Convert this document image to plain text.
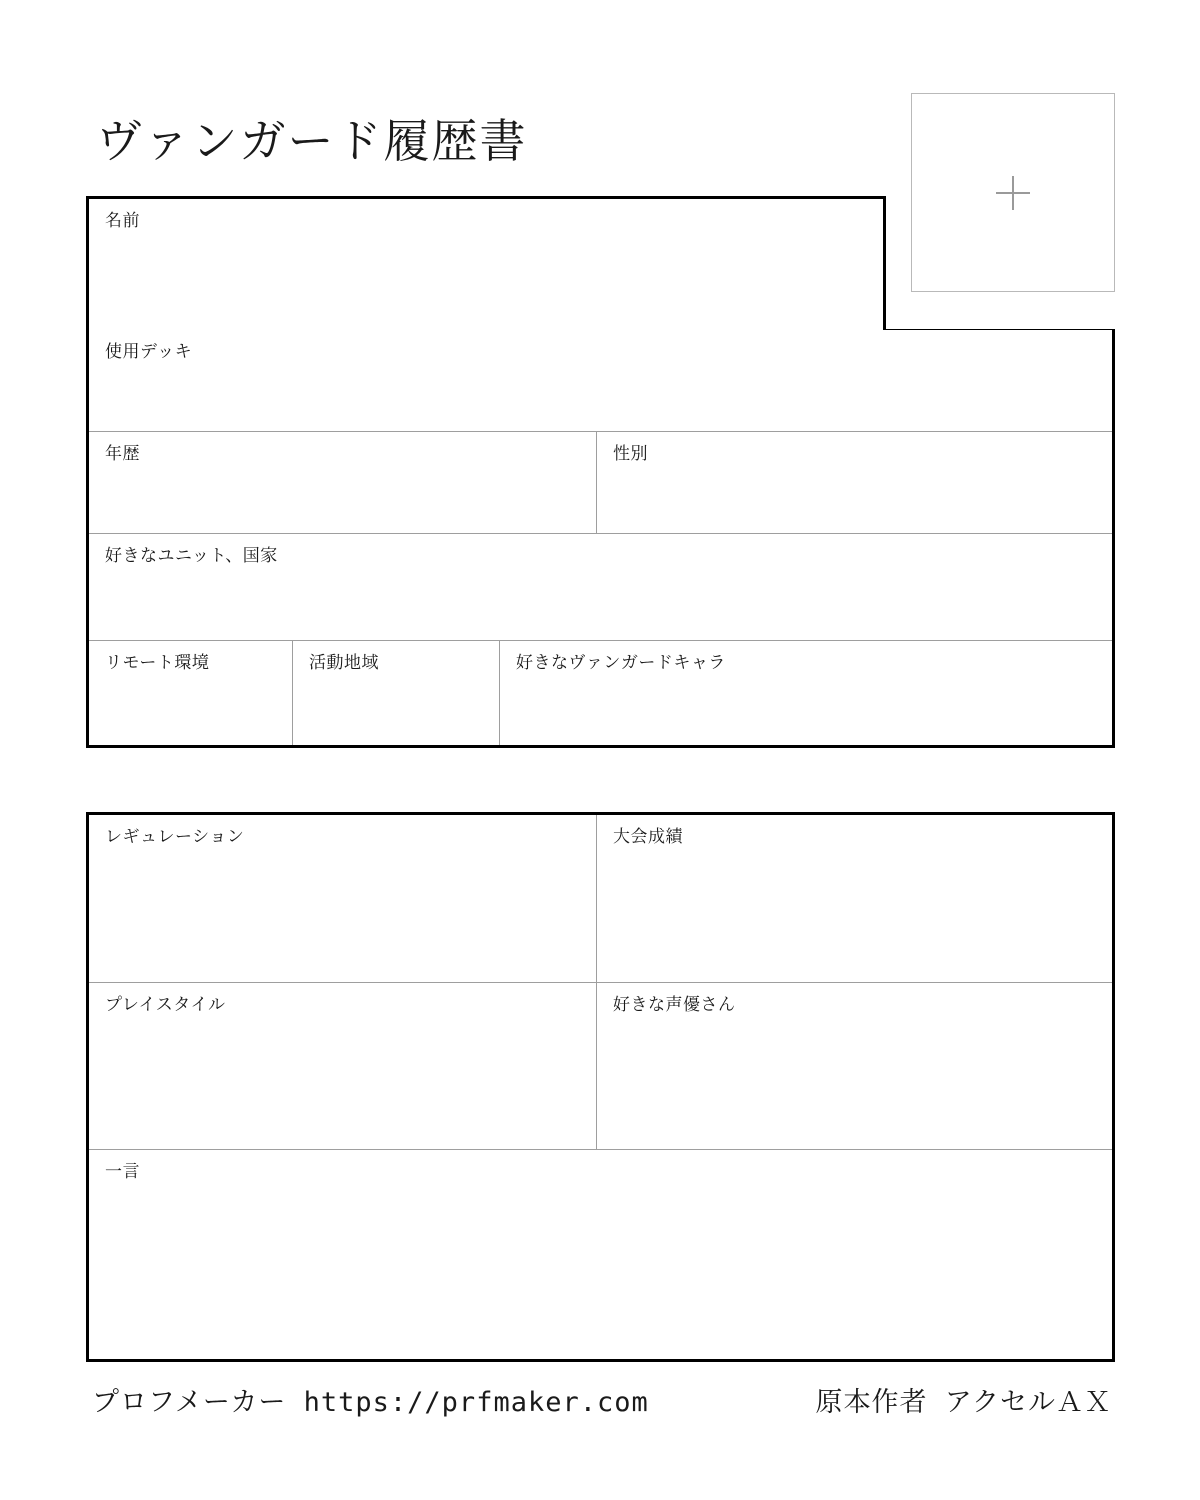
ヴァンガード履歴書
名前
使用デッキ
年歴	性別
好きなユニット、国家
リモート環境	活動地域	好きなヴァンガードキャラ
レギュレーション	大会成績
プレイスタイル	好きな声優さん
一言
プロフメーカー https://prfmaker.com	原本作者 アクセルＡＸ
